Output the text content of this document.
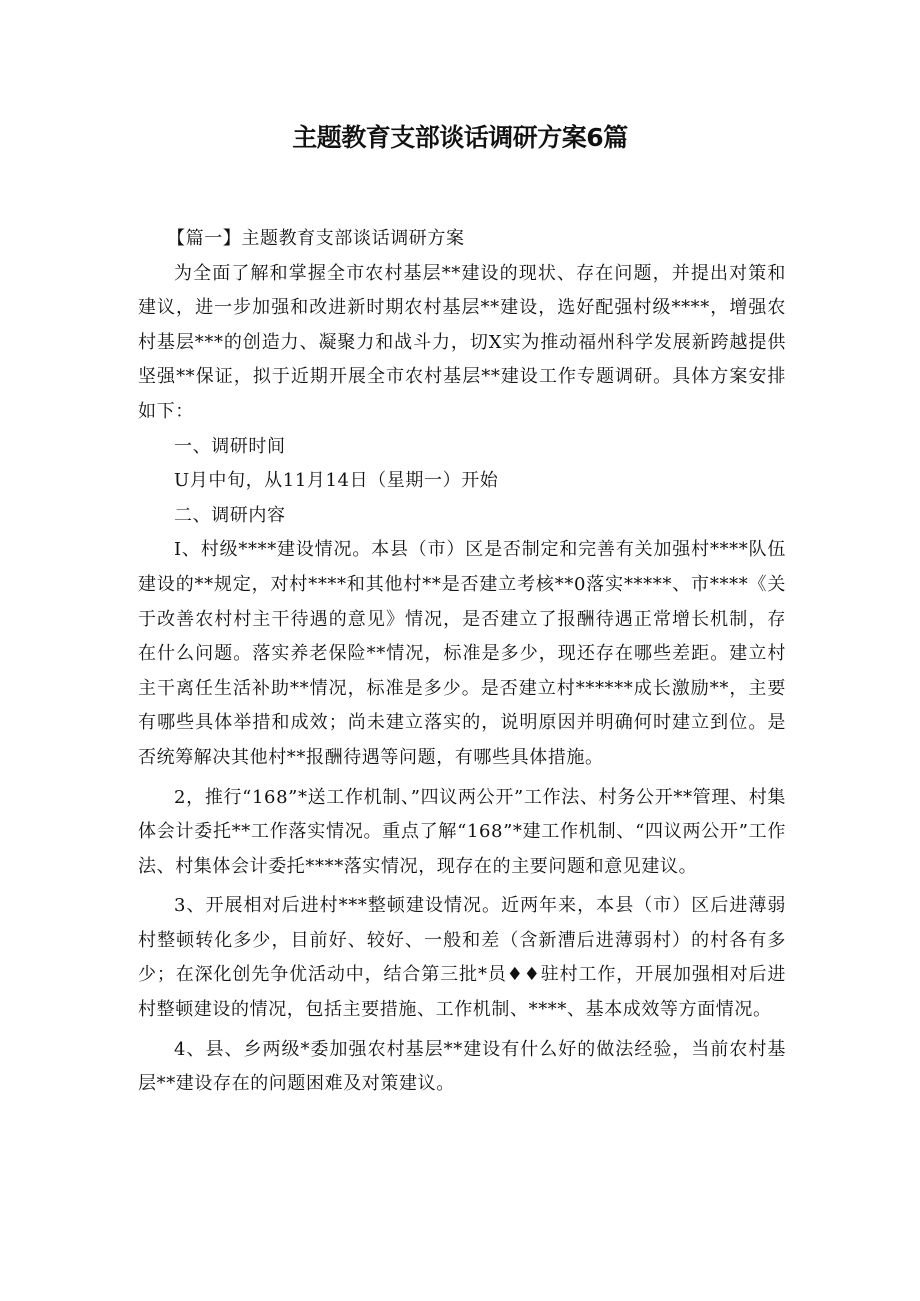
主题教育支部谈话调研方案6篇

【篇一】主题教育支部谈话调研方案

为全面了解和掌握全市农村基层**建设的现状、存在问题，并提出对策和建议，进一步加强和改进新时期农村基层**建设，选好配强村级****，增强农村基层***的创造力、凝聚力和战斗力，切X实为推动福州科学发展新跨越提供坚强**保证，拟于近期开展全市农村基层**建设工作专题调研。具体方案安排如下：

一、调研时间

U月中旬，从11月14日（星期一）开始

二、调研内容

I、村级****建设情况。本县（市）区是否制定和完善有关加强村****队伍建设的**规定，对村****和其他村**是否建立考核**0落实*****、市****《关于改善农村村主干待遇的意见》情况，是否建立了报酬待遇正常增长机制，存在什么问题。落实养老保险**情况，标准是多少，现还存在哪些差距。建立村主干离任生活补助**情况，标准是多少。是否建立村******成长激励**，主要有哪些具体举措和成效；尚未建立落实的，说明原因并明确何时建立到位。是否统筹解决其他村**报酬待遇等问题，有哪些具体措施。

2，推行“168”*送工作机制、”四议两公开”工作法、村务公开**管理、村集体会计委托**工作落实情况。重点了解“168”*建工作机制、“四议两公开”工作法、村集体会计委托****落实情况，现存在的主要问题和意见建议。

3、开展相对后进村***整顿建设情况。近两年来，本县（市）区后进薄弱村整顿转化多少，目前好、较好、一般和差（含新漕后进薄弱村）的村各有多少；在深化创先争优活动中，结合第三批*员♦♦驻村工作，开展加强相对后进村整顿建设的情况，包括主要措施、工作机制、****、基本成效等方面情况。

4、县、乡两级*委加强农村基层**建设有什么好的做法经验，当前农村基层**建设存在的问题困难及对策建议。
